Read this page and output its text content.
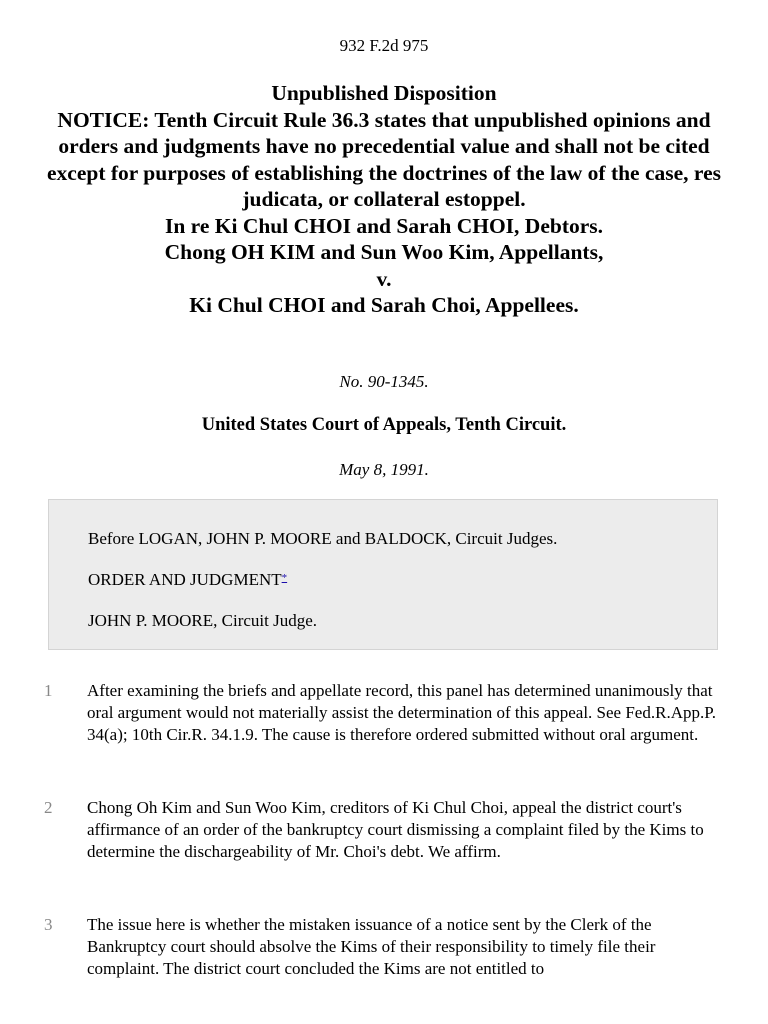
932 F.2d 975
Unpublished Disposition
NOTICE: Tenth Circuit Rule 36.3 states that unpublished opinions and orders and judgments have no precedential value and shall not be cited except for purposes of establishing the doctrines of the law of the case, res judicata, or collateral estoppel.
In re Ki Chul CHOI and Sarah CHOI, Debtors.
Chong OH KIM and Sun Woo Kim, Appellants,
v.
Ki Chul CHOI and Sarah Choi, Appellees.
No. 90-1345.
United States Court of Appeals, Tenth Circuit.
May 8, 1991.
Before LOGAN, JOHN P. MOORE and BALDOCK, Circuit Judges.
ORDER AND JUDGMENT*
JOHN P. MOORE, Circuit Judge.
1	After examining the briefs and appellate record, this panel has determined unanimously that oral argument would not materially assist the determination of this appeal. See Fed.R.App.P. 34(a); 10th Cir.R. 34.1.9. The cause is therefore ordered submitted without oral argument.
2	Chong Oh Kim and Sun Woo Kim, creditors of Ki Chul Choi, appeal the district court's affirmance of an order of the bankruptcy court dismissing a complaint filed by the Kims to determine the dischargeability of Mr. Choi's debt. We affirm.
3	The issue here is whether the mistaken issuance of a notice sent by the Clerk of the Bankruptcy court should absolve the Kims of their responsibility to timely file their complaint. The district court concluded the Kims are not entitled to
